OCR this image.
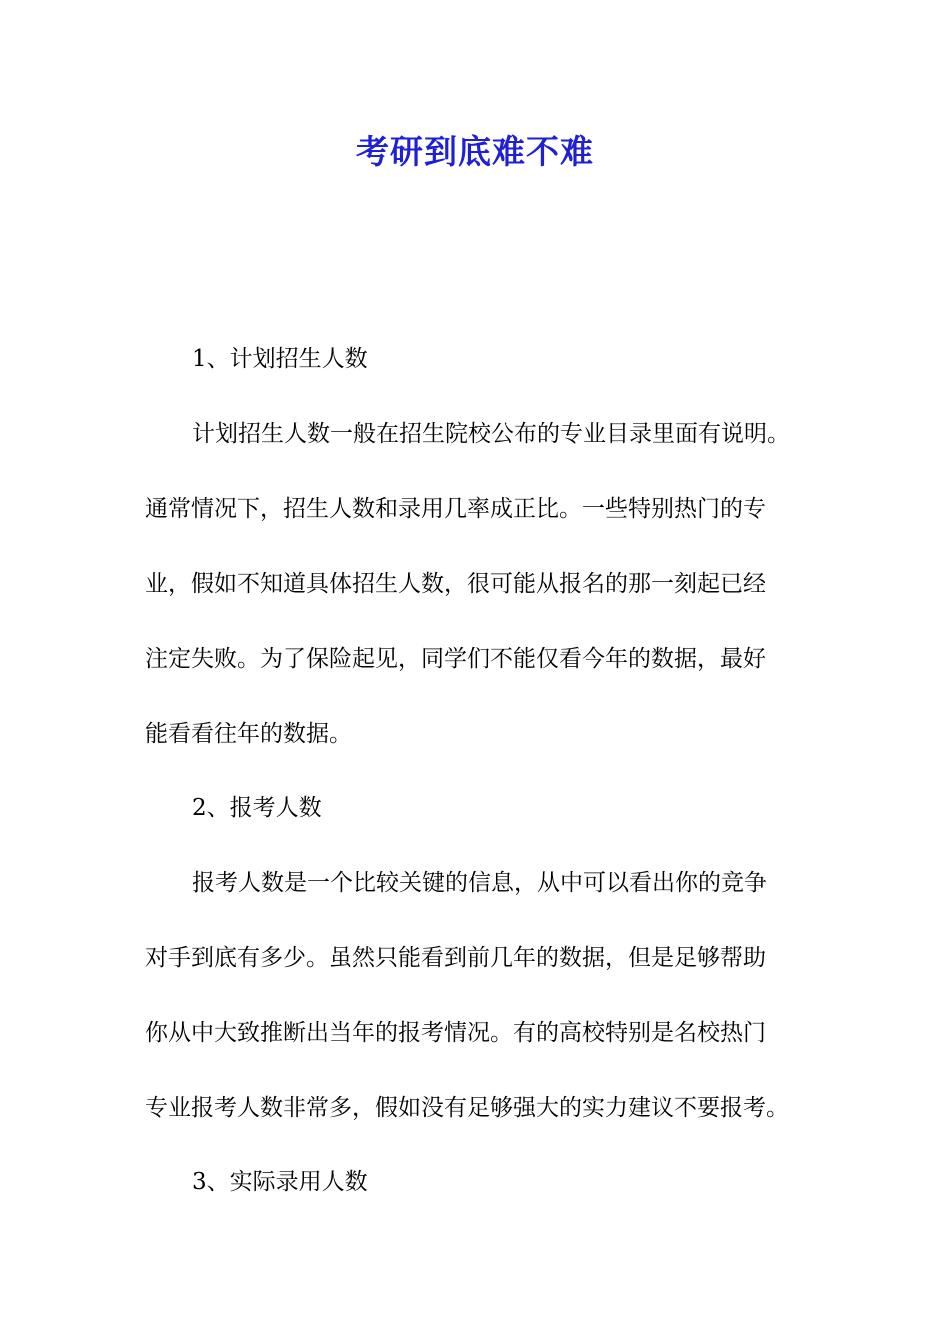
考研到底难不难

1、计划招生人数

计划招生人数一般在招生院校公布的专业目录里面有说明。

通常情况下，招生人数和录用几率成正比。一些特别热门的专

业，假如不知道具体招生人数，很可能从报名的那一刻起已经

注定失败。为了保险起见，同学们不能仅看今年的数据，最好

能看看往年的数据。

2、报考人数

报考人数是一个比较关键的信息，从中可以看出你的竞争

对手到底有多少。虽然只能看到前几年的数据，但是足够帮助

你从中大致推断出当年的报考情况。有的高校特别是名校热门

专业报考人数非常多，假如没有足够强大的实力建议不要报考。

3、实际录用人数
